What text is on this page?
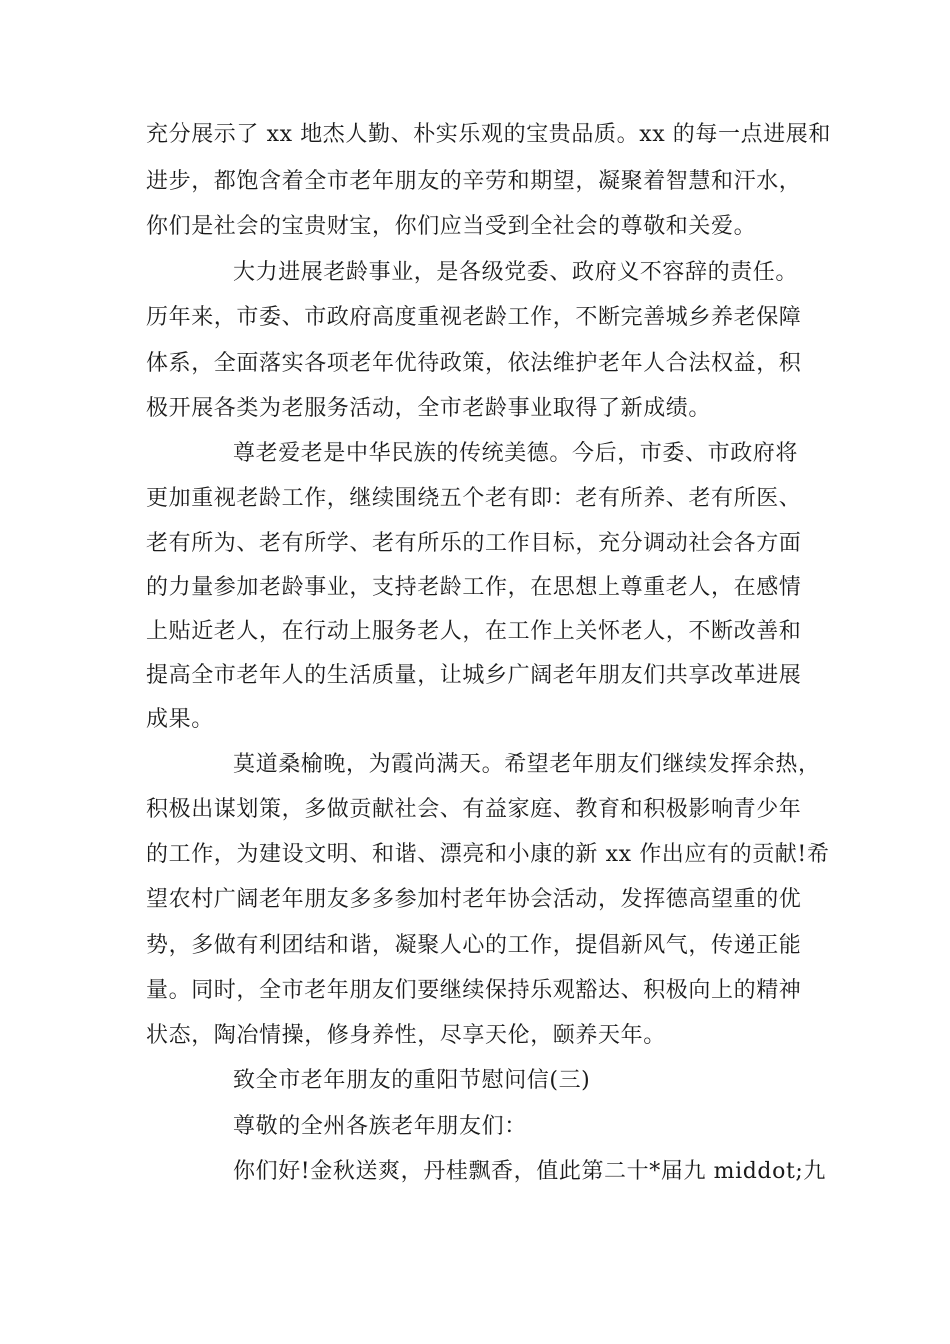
充分展示了 xx 地杰人勤、朴实乐观的宝贵品质。xx 的每一点进展和
进步，都饱含着全市老年朋友的辛劳和期望，凝聚着智慧和汗水，
你们是社会的宝贵财宝，你们应当受到全社会的尊敬和关爱。
大力进展老龄事业，是各级党委、政府义不容辞的责任。
历年来，市委、市政府高度重视老龄工作，不断完善城乡养老保障
体系，全面落实各项老年优待政策，依法维护老年人合法权益，积
极开展各类为老服务活动，全市老龄事业取得了新成绩。
尊老爱老是中华民族的传统美德。今后，市委、市政府将
更加重视老龄工作，继续围绕五个老有即：老有所养、老有所医、
老有所为、老有所学、老有所乐的工作目标，充分调动社会各方面
的力量参加老龄事业，支持老龄工作，在思想上尊重老人，在感情
上贴近老人，在行动上服务老人，在工作上关怀老人，不断改善和
提高全市老年人的生活质量，让城乡广阔老年朋友们共享改革进展
成果。
莫道桑榆晚，为霞尚满天。希望老年朋友们继续发挥余热，
积极出谋划策，多做贡献社会、有益家庭、教育和积极影响青少年
的工作，为建设文明、和谐、漂亮和小康的新 xx 作出应有的贡献!希
望农村广阔老年朋友多多参加村老年协会活动，发挥德高望重的优
势，多做有利团结和谐，凝聚人心的工作，提倡新风气，传递正能
量。同时，全市老年朋友们要继续保持乐观豁达、积极向上的精神
状态，陶冶情操，修身养性，尽享天伦，颐养天年。
致全市老年朋友的重阳节慰问信(三)
尊敬的全州各族老年朋友们：
你们好!金秋送爽，丹桂飘香，值此第二十*届九 middot;九
